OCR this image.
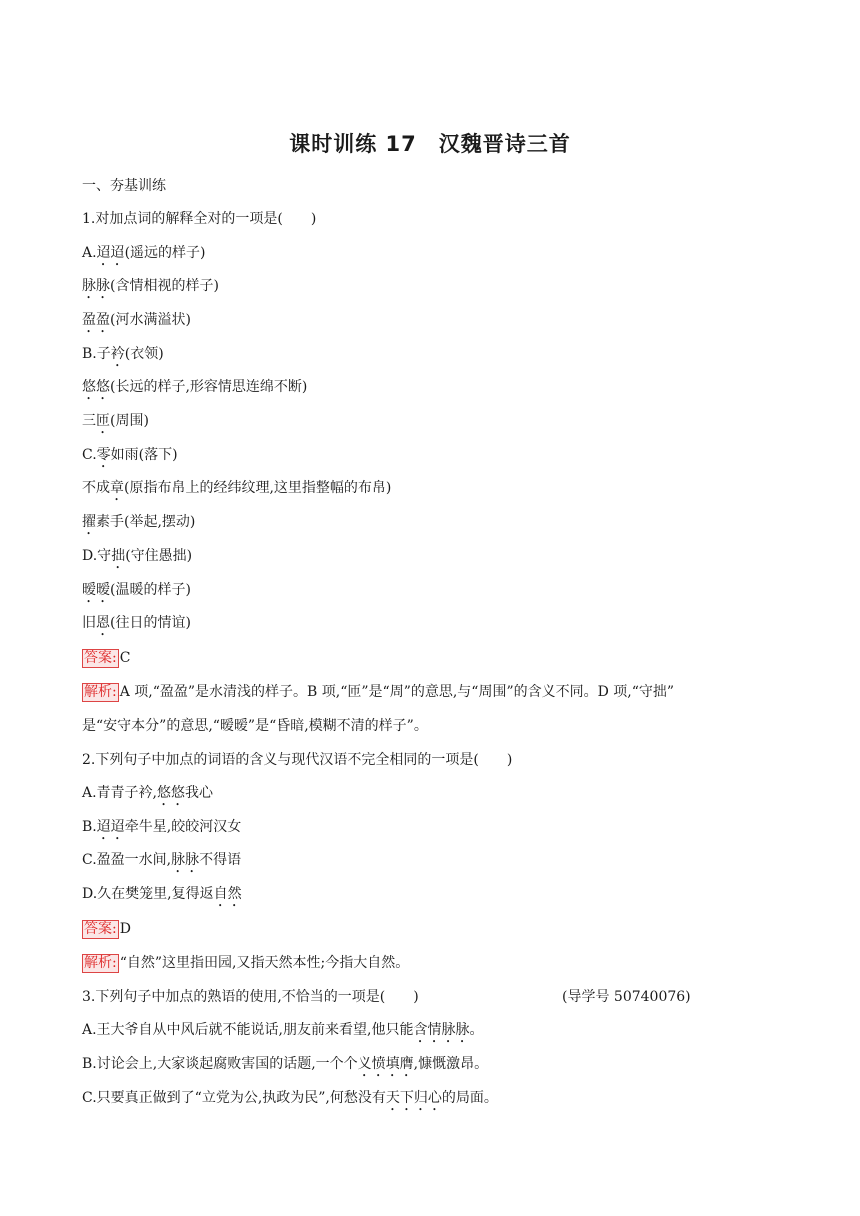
课时训练 17　汉魏晋诗三首
一、夯基训练
1.对加点词的解释全对的一项是(　　)
A.迢迢(遥远的样子)
脉脉(含情相视的样子)
盈盈(河水满溢状)
B.子衿(衣领)
悠悠(长远的样子,形容情思连绵不断)
三匝(周围)
C.零如雨(落下)
不成章(原指布帛上的经纬纹理,这里指整幅的布帛)
擢素手(举起,摆动)
D.守拙(守住愚拙)
暧暧(温暖的样子)
旧恩(往日的情谊)
答案: C
解析: A 项,“盈盈”是水清浅的样子。B 项,“匝”是“周”的意思,与“周围”的含义不同。D 项,“守拙”
是“安守本分”的意思,“暧暧”是“昏暗,模糊不清的样子”。
2.下列句子中加点的词语的含义与现代汉语不完全相同的一项是(　　)
A.青青子衿,悠悠我心
B.迢迢牵牛星,皎皎河汉女
C.盈盈一水间,脉脉不得语
D.久在樊笼里,复得返自然
答案: D
解析: “自然”这里指田园,又指天然本性;今指大自然。
3.下列句子中加点的熟语的使用,不恰当的一项是(　　)	(导学号 50740076)
A.王大爷自从中风后就不能说话,朋友前来看望,他只能含情脉脉。
B.讨论会上,大家谈起腐败害国的话题,一个个义愤填膺,慷慨激昂。
C.只要真正做到了“立党为公,执政为民”,何愁没有天下归心的局面。
